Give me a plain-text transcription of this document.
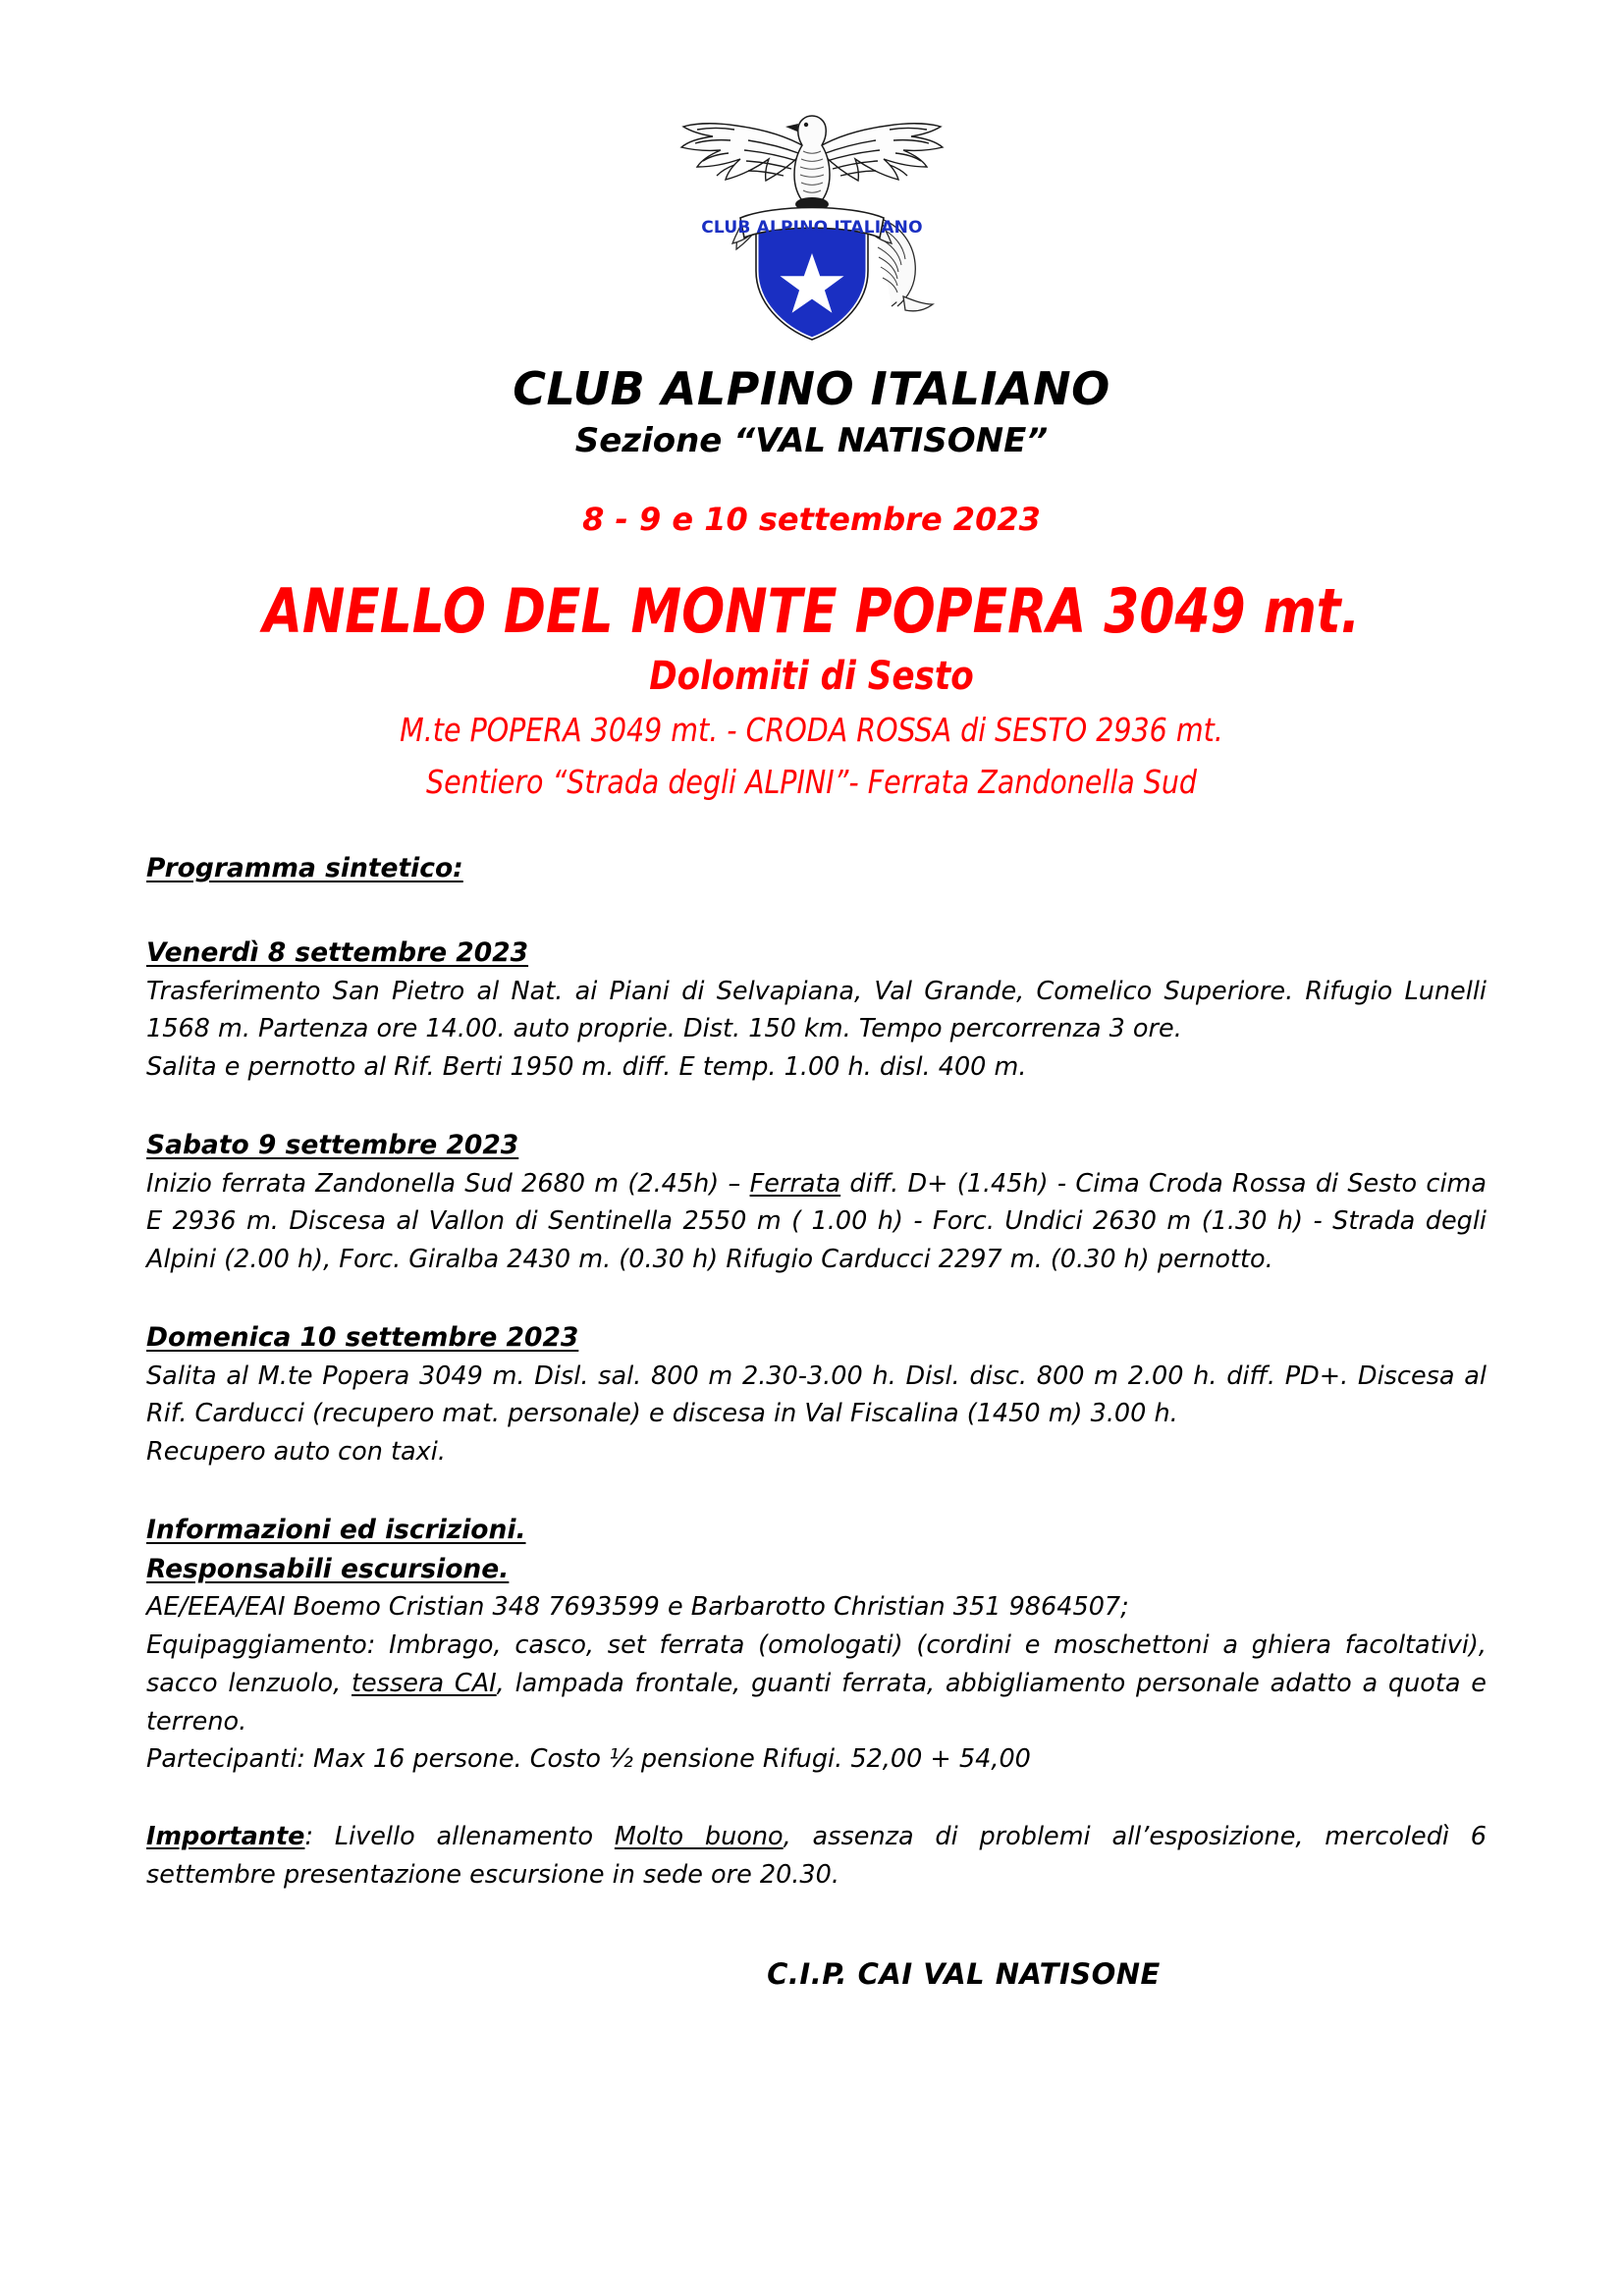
CLUB ALPINO ITALIANO
CLUB ALPINO ITALIANO
Sezione “VAL NATISONE”
8 - 9 e 10 settembre 2023
ANELLO DEL MONTE POPERA 3049 mt.
Dolomiti di Sesto
M.te POPERA 3049 mt. - CRODA ROSSA di SESTO 2936 mt.
Sentiero “Strada degli ALPINI”- Ferrata Zandonella Sud
Programma sintetico:
Venerdì 8 settembre 2023
Trasferimento San Pietro al Nat. ai Piani di Selvapiana, Val Grande, Comelico Superiore. Rifugio Lunelli 1568 m. Partenza ore 14.00. auto proprie. Dist. 150 km. Tempo percorrenza 3 ore.
Salita e pernotto al Rif. Berti 1950 m. diff. E temp. 1.00 h. disl. 400 m.
Sabato 9 settembre 2023
Inizio ferrata Zandonella Sud 2680 m (2.45h) – Ferrata diff. D+ (1.45h) - Cima Croda Rossa di Sesto cima E 2936 m. Discesa al Vallon di Sentinella 2550 m ( 1.00 h) - Forc. Undici 2630 m (1.30 h) - Strada degli Alpini (2.00 h), Forc. Giralba 2430 m. (0.30 h) Rifugio Carducci 2297 m. (0.30 h) pernotto.
Domenica 10 settembre 2023
Salita al M.te Popera 3049 m. Disl. sal. 800 m 2.30-3.00 h. Disl. disc. 800 m 2.00 h. diff. PD+. Discesa al Rif. Carducci (recupero mat. personale) e discesa in Val Fiscalina (1450 m) 3.00 h.
Recupero auto con taxi.
Informazioni ed iscrizioni.
Responsabili escursione.
AE/EEA/EAI Boemo Cristian 348 7693599 e Barbarotto Christian 351 9864507;
Equipaggiamento: Imbrago, casco, set ferrata (omologati) (cordini e moschettoni a ghiera facoltativi), sacco lenzuolo, tessera CAI, lampada frontale, guanti ferrata, abbigliamento personale adatto a quota e terreno.
Partecipanti: Max 16 persone. Costo ½ pensione Rifugi. 52,00 + 54,00
Importante: Livello allenamento Molto buono, assenza di problemi all’esposizione, mercoledì 6 settembre presentazione escursione in sede ore 20.30.
C.I.P. CAI VAL NATISONE
